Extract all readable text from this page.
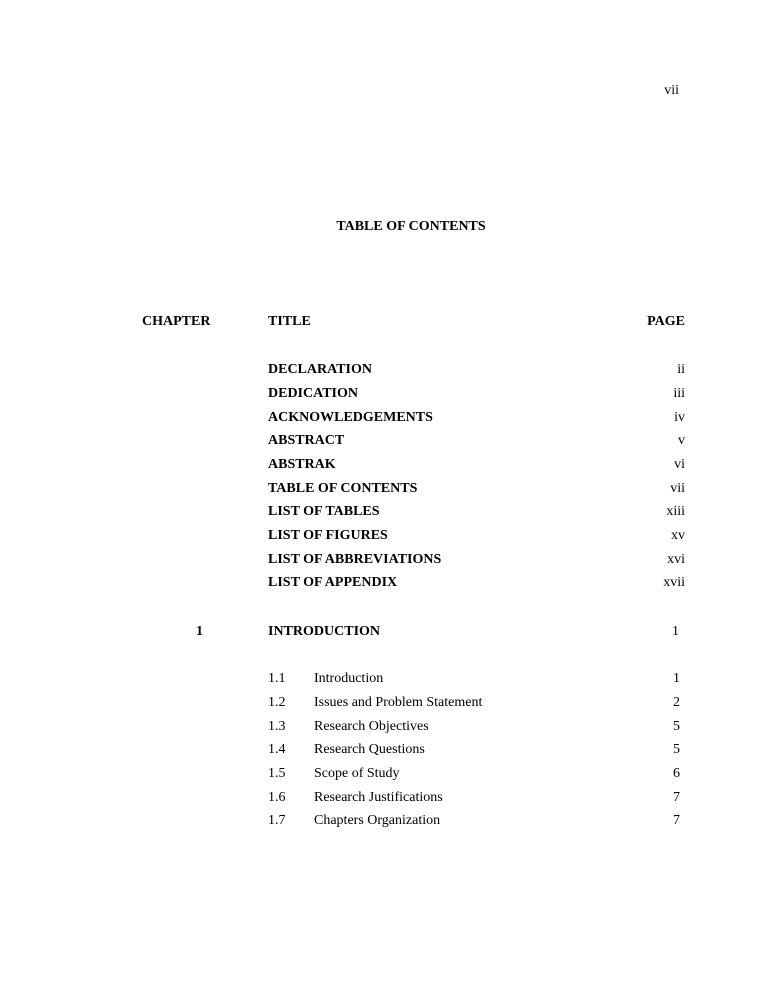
vii
TABLE OF CONTENTS
CHAPTER	TITLE	PAGE
DECLARATION	ii
DEDICATION	iii
ACKNOWLEDGEMENTS	iv
ABSTRACT	v
ABSTRAK	vi
TABLE OF CONTENTS	vii
LIST OF TABLES	xiii
LIST OF FIGURES	xv
LIST OF ABBREVIATIONS	xvi
LIST OF APPENDIX	xvii
1	INTRODUCTION	1
1.1 Introduction	1
1.2 Issues and Problem Statement	2
1.3 Research Objectives	5
1.4 Research Questions	5
1.5 Scope of Study	6
1.6 Research Justifications	7
1.7 Chapters Organization	7
